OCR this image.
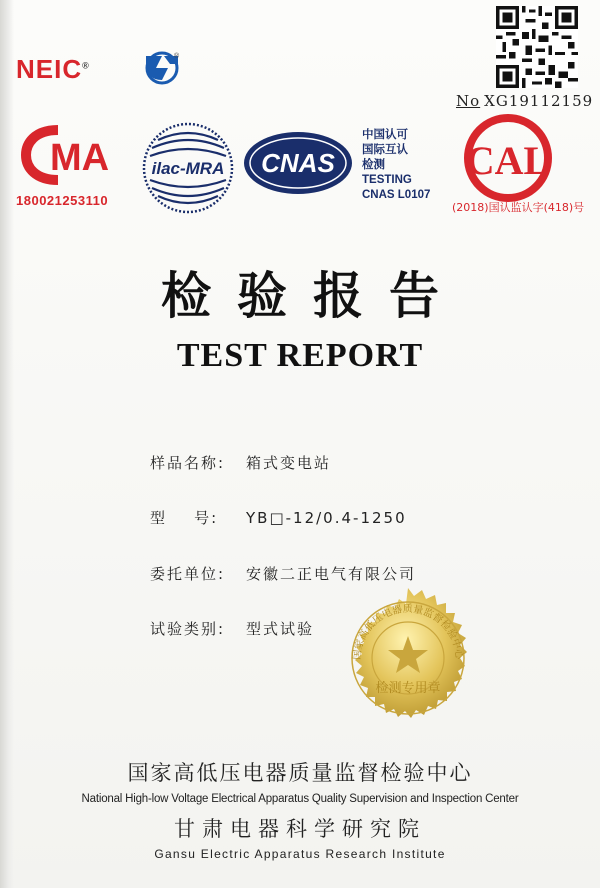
NEIC®
®
No XG19112159
MA
180021253110
ilac-MRA CNAS
中国认可
国际互认
检测
TESTING
CNAS L0107
CAL
(2018)国认监认字(418)号
检验报告
TEST REPORT
样品名称: 箱式变电站
型    号: YB□-12/0.4-1250
委托单位: 安徽二正电气有限公司
试验类别: 型式试验
国家高低压电器质量监督检验中心
检测专用章
国家高低压电器质量监督检验中心
National High-low Voltage Electrical Apparatus Quality Supervision and Inspection Center
甘肃电器科学研究院
Gansu Electric Apparatus Research Institute
